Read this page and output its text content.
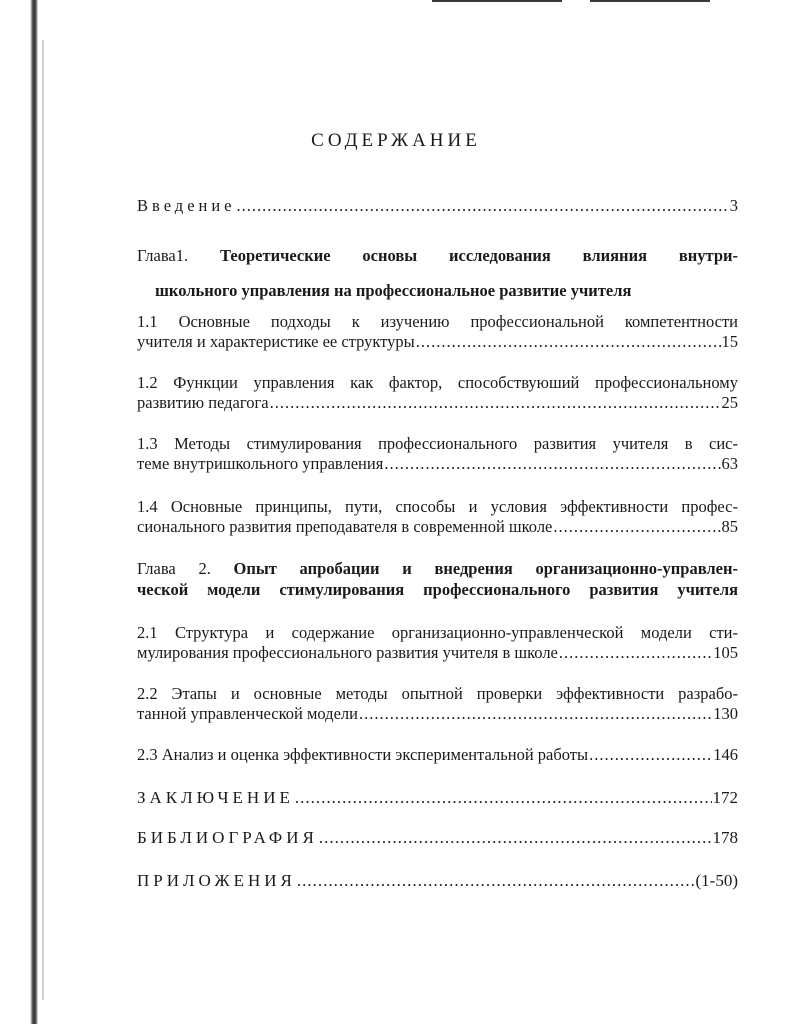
СОДЕРЖАНИЕ
Введение .....	3
Глава1. Теоретические основы исследования влияния внутри-
школьного управления на профессиональное развитие учителя
1.1 Основные подходы к изучению профессиональной компетентности
учителя и характеристике ее структуры .....	15
1.2 Функции управления как фактор, способствуюший профессиональному
развитию педагога .....	25
1.3 Методы стимулирования профессионального развития учителя в сис-
теме внутришкольного управления .....	63
1.4 Основные принципы, пути, способы и условия эффективности профес-
сионального развития преподавателя в современной школе .....	85
Глава 2. Опыт апробации и внедрения организационно-управлен-
ческой модели стимулирования профессионального развития учителя
2.1 Структура и содержание организационно-управленческой модели сти-
мулирования профессионального развития учителя в школе .....	105
2.2 Этапы и основные методы опытной проверки эффективности разрабо-
танной управленческой модели .....	130
2.3 Анализ и оценка эффективности экспериментальной работы .....	146
ЗАКЛЮЧЕНИЕ .....	172
БИБЛИОГРАФИЯ .....	178
ПРИЛОЖЕНИЯ .....	(1-50)
